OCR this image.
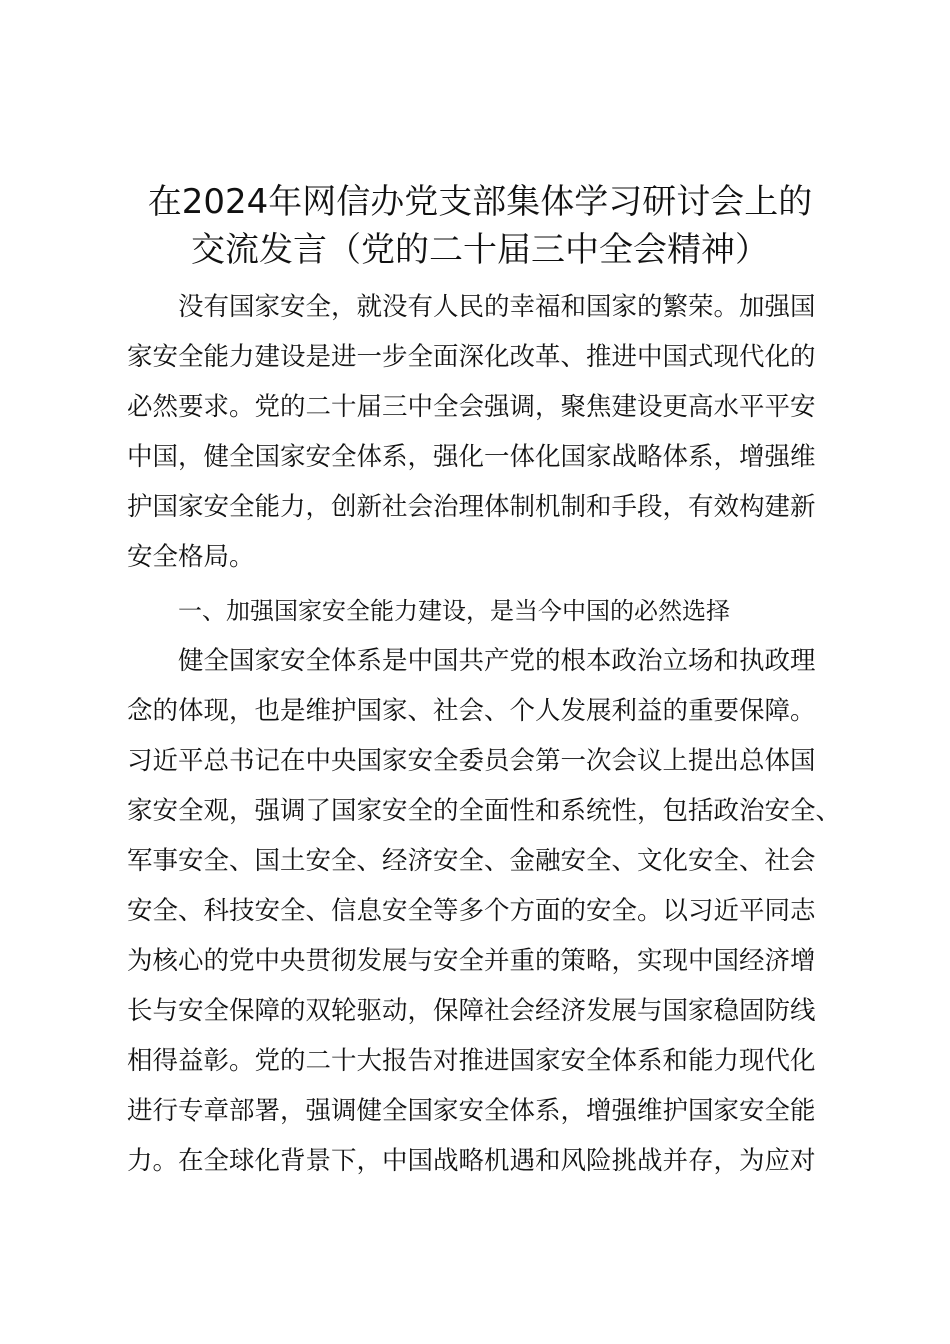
在2024年网信办党支部集体学习研讨会上的
交流发言（党的二十届三中全会精神）
没有国家安全，就没有人民的幸福和国家的繁荣。加强国
家安全能力建设是进一步全面深化改革、推进中国式现代化的
必然要求。党的二十届三中全会强调，聚焦建设更高水平平安
中国，健全国家安全体系，强化一体化国家战略体系，增强维
护国家安全能力，创新社会治理体制机制和手段，有效构建新
安全格局。
一、加强国家安全能力建设，是当今中国的必然选择
健全国家安全体系是中国共产党的根本政治立场和执政理
念的体现，也是维护国家、社会、个人发展利益的重要保障。
习近平总书记在中央国家安全委员会第一次会议上提出总体国
家安全观，强调了国家安全的全面性和系统性，包括政治安全、
军事安全、国土安全、经济安全、金融安全、文化安全、社会
安全、科技安全、信息安全等多个方面的安全。以习近平同志
为核心的党中央贯彻发展与安全并重的策略，实现中国经济增
长与安全保障的双轮驱动，保障社会经济发展与国家稳固防线
相得益彰。党的二十大报告对推进国家安全体系和能力现代化
进行专章部署，强调健全国家安全体系，增强维护国家安全能
力。在全球化背景下，中国战略机遇和风险挑战并存，为应对
